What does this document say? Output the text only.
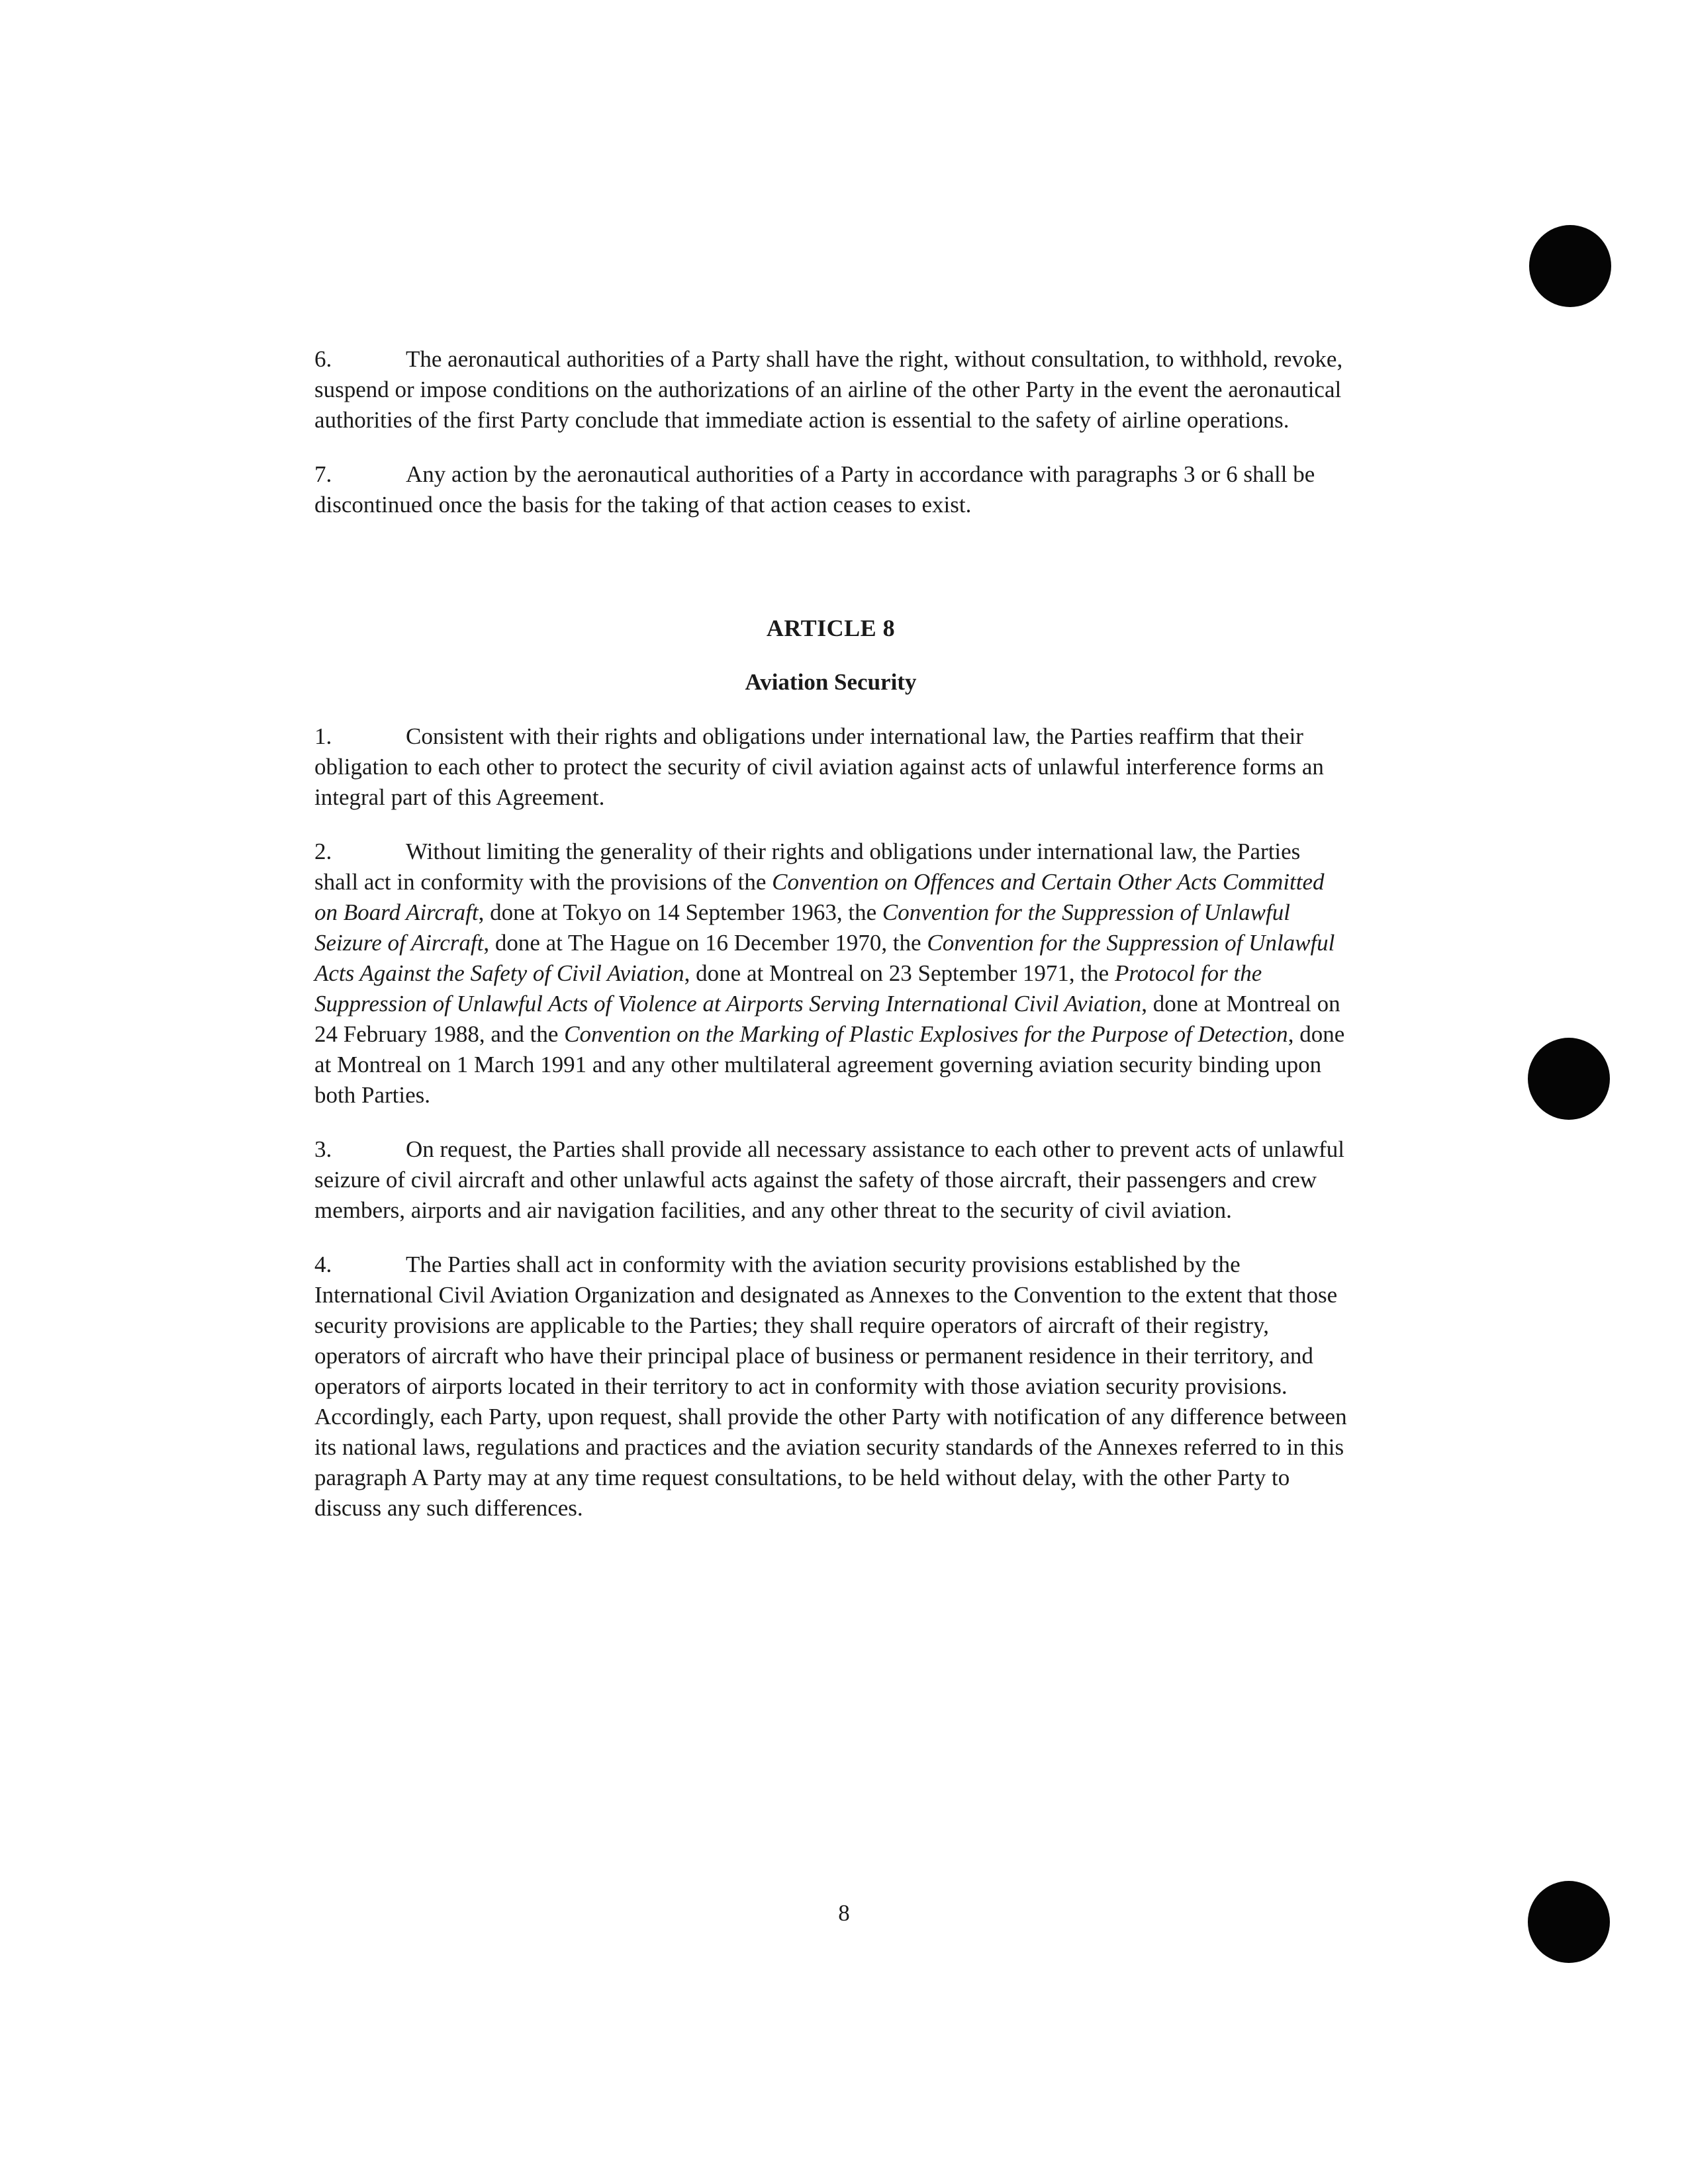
6.	The aeronautical authorities of a Party shall have the right, without consultation, to withhold, revoke, suspend or impose conditions on the authorizations of an airline of the other Party in the event the aeronautical authorities of the first Party conclude that immediate action is essential to the safety of airline operations.

7.	Any action by the aeronautical authorities of a Party in accordance with paragraphs 3 or 6 shall be discontinued once the basis for the taking of that action ceases to exist.

ARTICLE 8

Aviation Security

1.	Consistent with their rights and obligations under international law, the Parties reaffirm that their obligation to each other to protect the security of civil aviation against acts of unlawful interference forms an integral part of this Agreement.

2.	Without limiting the generality of their rights and obligations under international law, the Parties shall act in conformity with the provisions of the Convention on Offences and Certain Other Acts Committed on Board Aircraft, done at Tokyo on 14 September 1963, the Convention for the Suppression of Unlawful Seizure of Aircraft, done at The Hague on 16 December 1970, the Convention for the Suppression of Unlawful Acts Against the Safety of Civil Aviation, done at Montreal on 23 September 1971, the Protocol for the Suppression of Unlawful Acts of Violence at Airports Serving International Civil Aviation, done at Montreal on 24 February 1988, and the Convention on the Marking of Plastic Explosives for the Purpose of Detection, done at Montreal on 1 March 1991 and any other multilateral agreement governing aviation security binding upon both Parties.

3.	On request, the Parties shall provide all necessary assistance to each other to prevent acts of unlawful seizure of civil aircraft and other unlawful acts against the safety of those aircraft, their passengers and crew members, airports and air navigation facilities, and any other threat to the security of civil aviation.

4.	The Parties shall act in conformity with the aviation security provisions established by the International Civil Aviation Organization and designated as Annexes to the Convention to the extent that those security provisions are applicable to the Parties; they shall require operators of aircraft of their registry, operators of aircraft who have their principal place of business or permanent residence in their territory, and operators of airports located in their territory to act in conformity with those aviation security provisions. Accordingly, each Party, upon request, shall provide the other Party with notification of any difference between its national laws, regulations and practices and the aviation security standards of the Annexes referred to in this paragraph A Party may at any time request consultations, to be held without delay, with the other Party to discuss any such differences.

8
